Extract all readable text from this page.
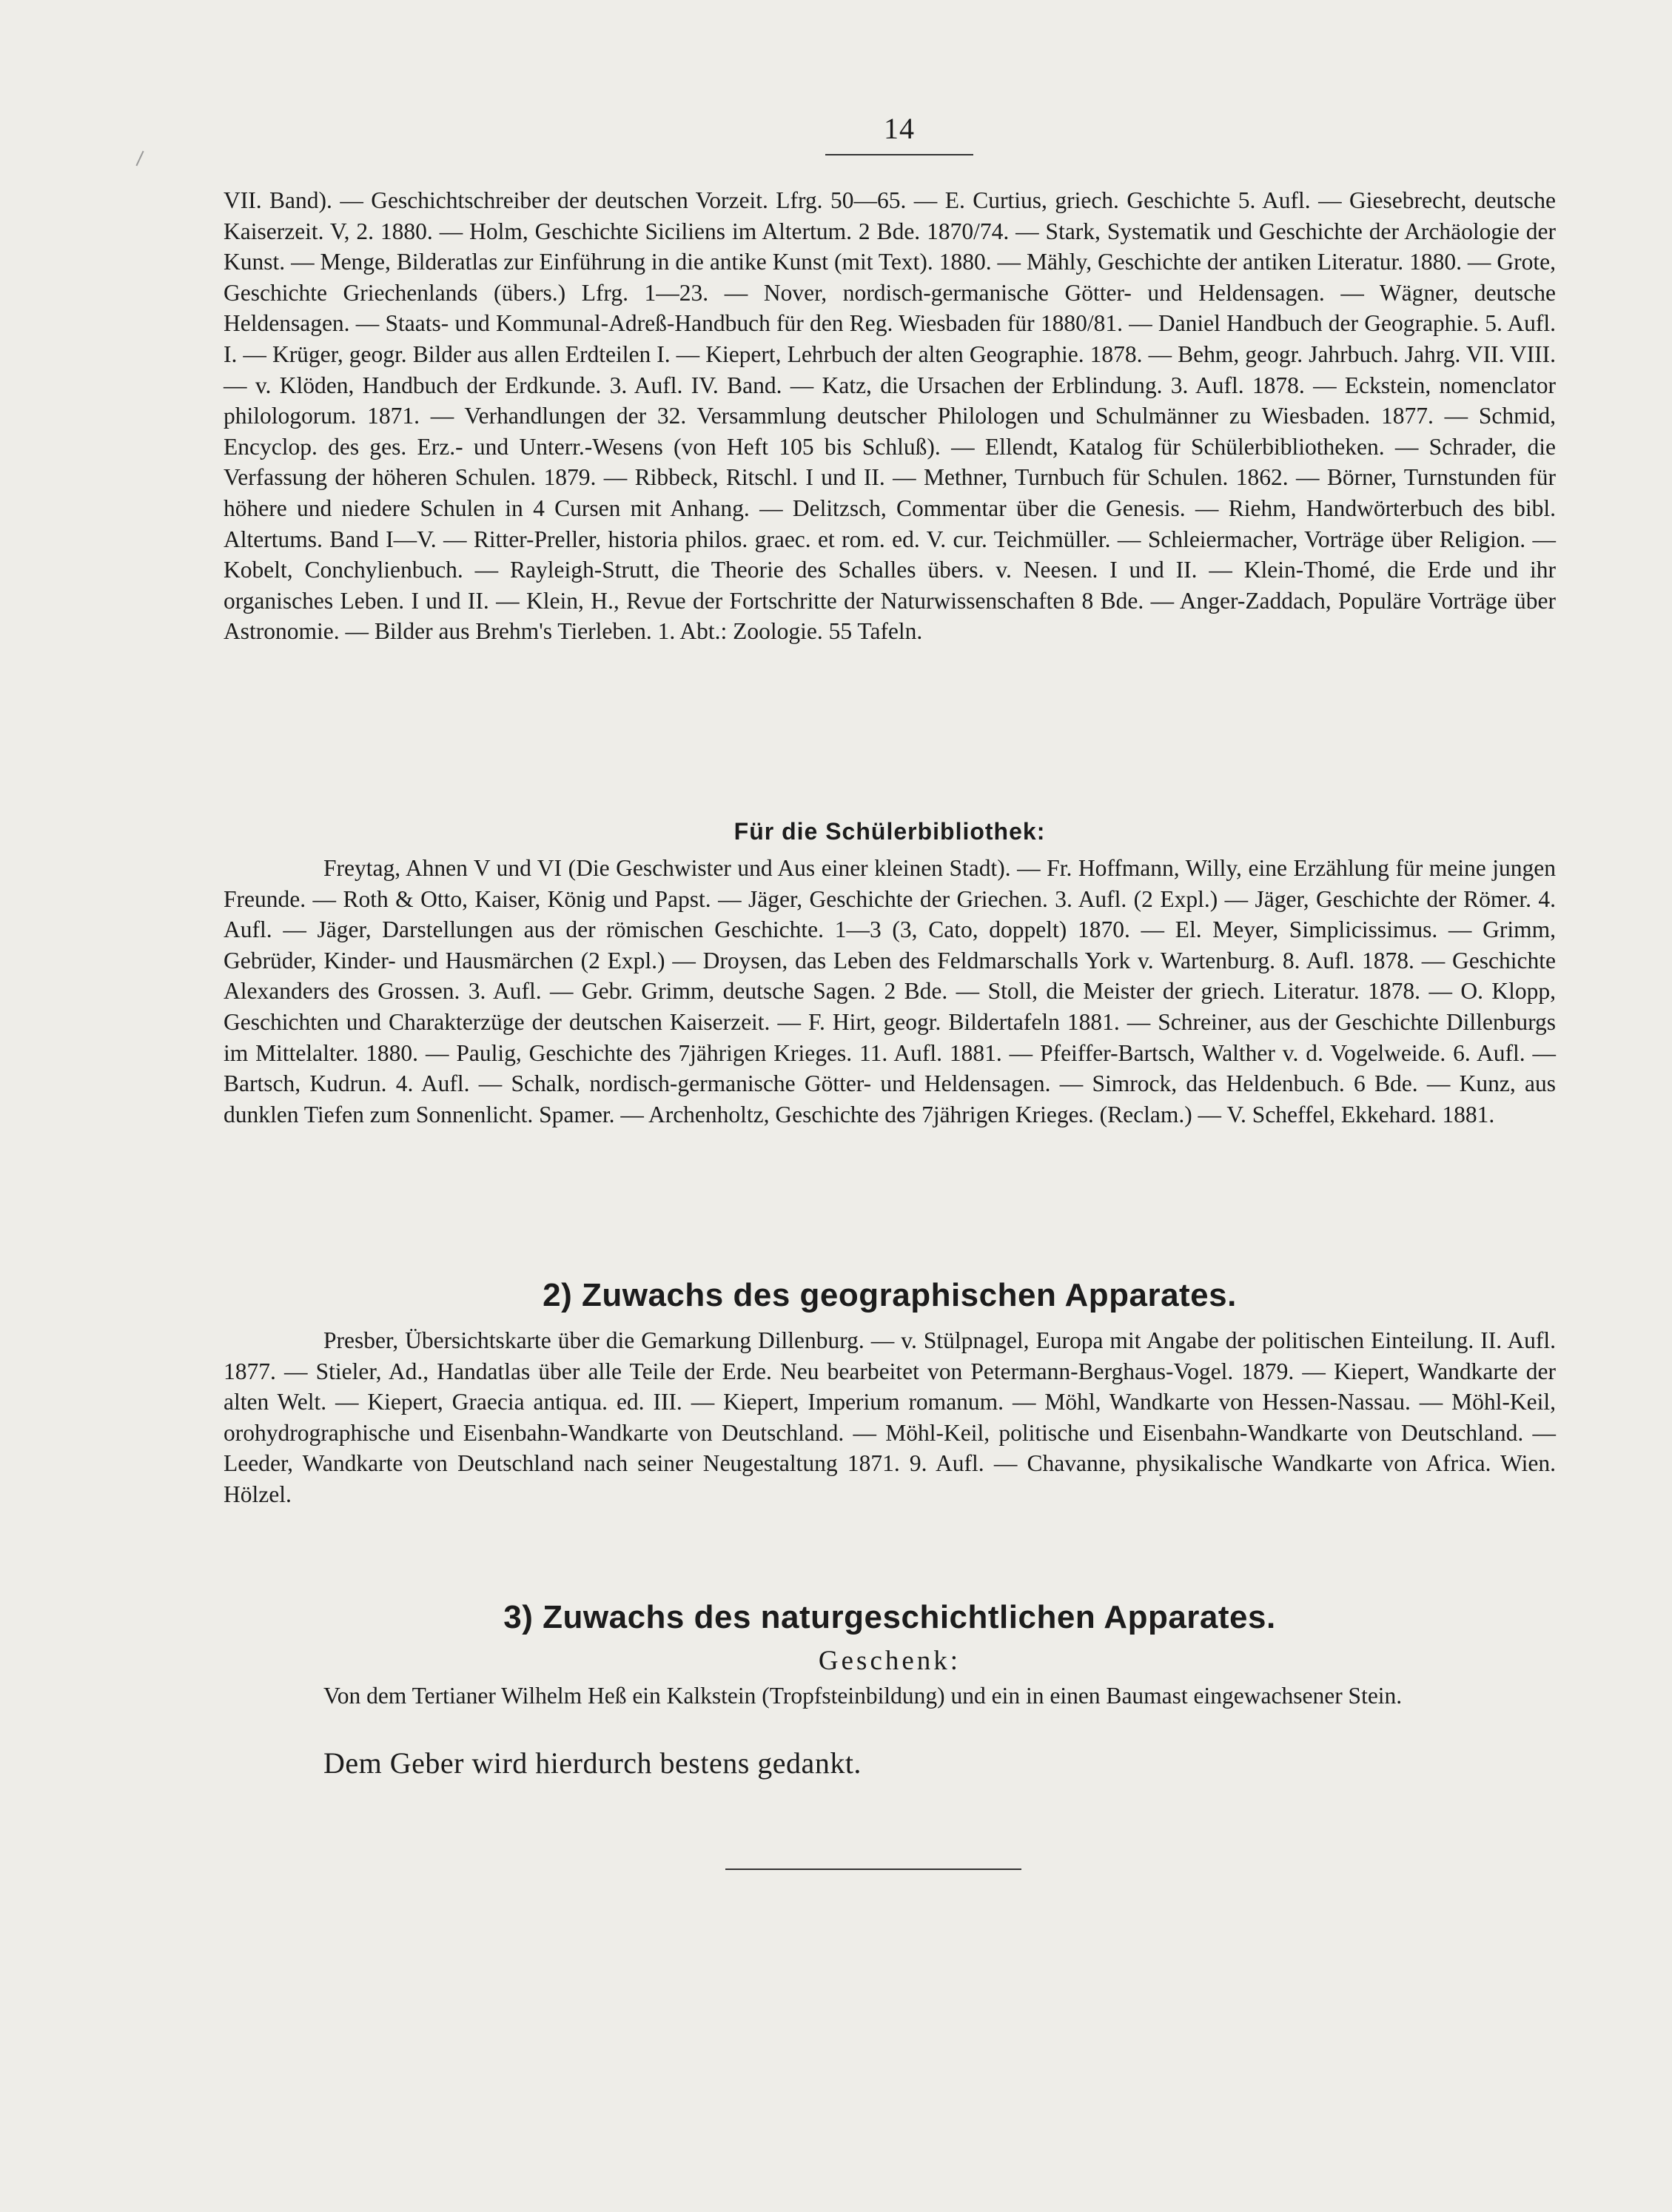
14

VII. Band). — Geschichtschreiber der deutschen Vorzeit. Lfrg. 50—65. — E. Curtius, griech. Geschichte 5. Aufl. — Giesebrecht, deutsche Kaiserzeit. V, 2. 1880. — Holm, Geschichte Siciliens im Altertum. 2 Bde. 1870/74. — Stark, Systematik und Geschichte der Archäologie der Kunst. — Menge, Bilderatlas zur Einführung in die antike Kunst (mit Text). 1880. — Mähly, Geschichte der antiken Literatur. 1880. — Grote, Geschichte Griechenlands (übers.) Lfrg. 1—23. — Nover, nordisch-germanische Götter- und Heldensagen. — Wägner, deutsche Heldensagen. — Staats- und Kommunal-Adreß-Handbuch für den Reg. Wiesbaden für 1880/81. — Daniel Handbuch der Geographie. 5. Aufl. I. — Krüger, geogr. Bilder aus allen Erdteilen I. — Kiepert, Lehrbuch der alten Geographie. 1878. — Behm, geogr. Jahrbuch. Jahrg. VII. VIII. — v. Klöden, Handbuch der Erdkunde. 3. Aufl. IV. Band. — Katz, die Ursachen der Erblindung. 3. Aufl. 1878. — Eckstein, nomenclator philologorum. 1871. — Verhandlungen der 32. Versammlung deutscher Philologen und Schulmänner zu Wiesbaden. 1877. — Schmid, Encyclop. des ges. Erz.- und Unterr.-Wesens (von Heft 105 bis Schluß). — Ellendt, Katalog für Schülerbibliotheken. — Schrader, die Verfassung der höheren Schulen. 1879. — Ribbeck, Ritschl. I und II. — Methner, Turnbuch für Schulen. 1862. — Börner, Turnstunden für höhere und niedere Schulen in 4 Cursen mit Anhang. — Delitzsch, Commentar über die Genesis. — Riehm, Handwörterbuch des bibl. Altertums. Band I—V. — Ritter-Preller, historia philos. graec. et rom. ed. V. cur. Teichmüller. — Schleiermacher, Vorträge über Religion. — Kobelt, Conchylienbuch. — Rayleigh-Strutt, die Theorie des Schalles übers. v. Neesen. I und II. — Klein-Thomé, die Erde und ihr organisches Leben. I und II. — Klein, H., Revue der Fortschritte der Naturwissenschaften 8 Bde. — Anger-Zaddach, Populäre Vorträge über Astronomie. — Bilder aus Brehm's Tierleben. 1. Abt.: Zoologie. 55 Tafeln.

Für die Schülerbibliothek:

Freytag, Ahnen V und VI (Die Geschwister und Aus einer kleinen Stadt). — Fr. Hoffmann, Willy, eine Erzählung für meine jungen Freunde. — Roth & Otto, Kaiser, König und Papst. — Jäger, Geschichte der Griechen. 3. Aufl. (2 Expl.) — Jäger, Geschichte der Römer. 4. Aufl. — Jäger, Darstellungen aus der römischen Geschichte. 1—3 (3, Cato, doppelt) 1870. — El. Meyer, Simplicissimus. — Grimm, Gebrüder, Kinder- und Hausmärchen (2 Expl.) — Droysen, das Leben des Feldmarschalls York v. Wartenburg. 8. Aufl. 1878. — Geschichte Alexanders des Grossen. 3. Aufl. — Gebr. Grimm, deutsche Sagen. 2 Bde. — Stoll, die Meister der griech. Literatur. 1878. — O. Klopp, Geschichten und Charakterzüge der deutschen Kaiserzeit. — F. Hirt, geogr. Bildertafeln 1881. — Schreiner, aus der Geschichte Dillenburgs im Mittelalter. 1880. — Paulig, Geschichte des 7jährigen Krieges. 11. Aufl. 1881. — Pfeiffer-Bartsch, Walther v. d. Vogelweide. 6. Aufl. — Bartsch, Kudrun. 4. Aufl. — Schalk, nordisch-germanische Götter- und Heldensagen. — Simrock, das Heldenbuch. 6 Bde. — Kunz, aus dunklen Tiefen zum Sonnenlicht. Spamer. — Archenholtz, Geschichte des 7jährigen Krieges. (Reclam.) — V. Scheffel, Ekkehard. 1881.

2) Zuwachs des geographischen Apparates.

Presber, Übersichtskarte über die Gemarkung Dillenburg. — v. Stülpnagel, Europa mit Angabe der politischen Einteilung. II. Aufl. 1877. — Stieler, Ad., Handatlas über alle Teile der Erde. Neu bearbeitet von Petermann-Berghaus-Vogel. 1879. — Kiepert, Wandkarte der alten Welt. — Kiepert, Graecia antiqua. ed. III. — Kiepert, Imperium romanum. — Möhl, Wandkarte von Hessen-Nassau. — Möhl-Keil, orohydrographische und Eisenbahn-Wandkarte von Deutschland. — Möhl-Keil, politische und Eisenbahn-Wandkarte von Deutschland. — Leeder, Wandkarte von Deutschland nach seiner Neugestaltung 1871. 9. Aufl. — Chavanne, physikalische Wandkarte von Africa. Wien. Hölzel.

3) Zuwachs des naturgeschichtlichen Apparates.
Geschenk:

Von dem Tertianer Wilhelm Heß ein Kalkstein (Tropfsteinbildung) und ein in einen Baumast eingewachsener Stein.

Dem Geber wird hierdurch bestens gedankt.
